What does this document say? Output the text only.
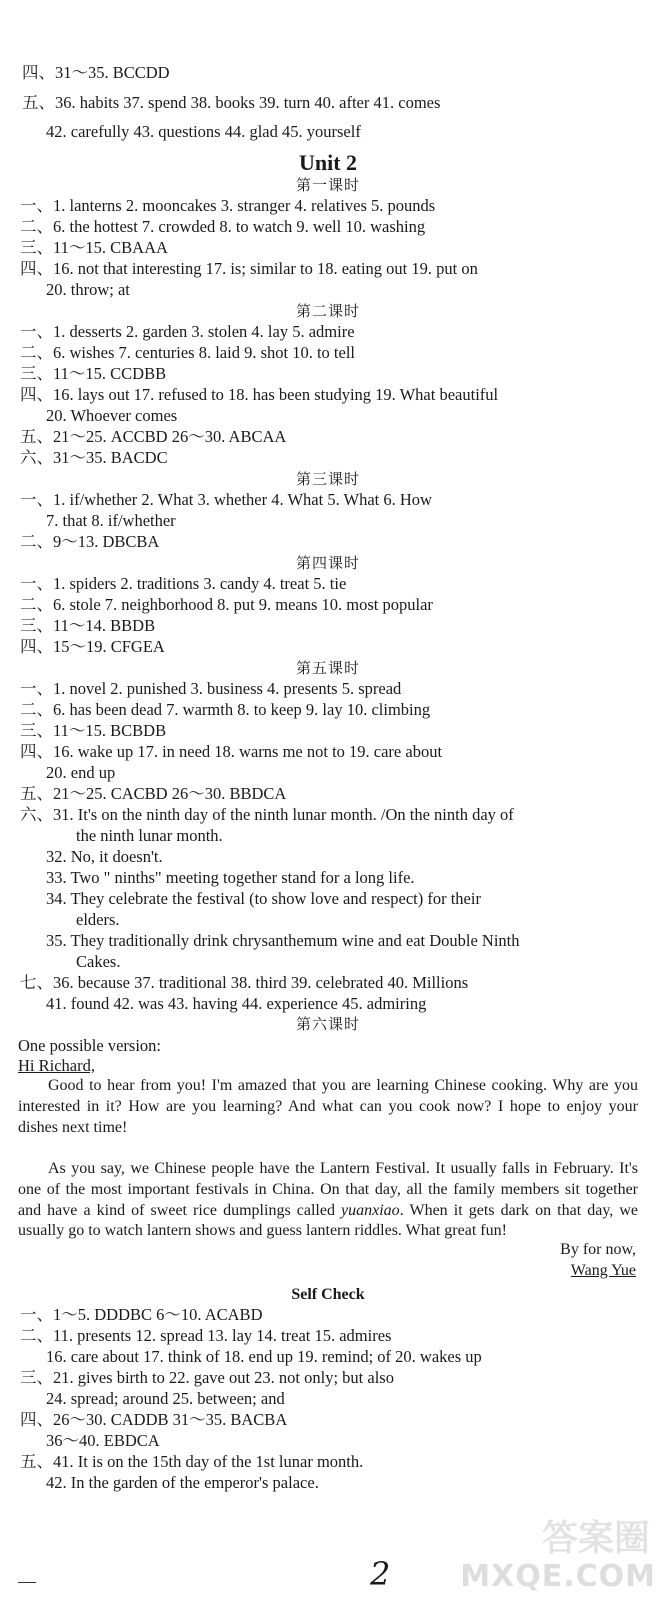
四、31～35. BCCDD
五、36. habits 37. spend 38. books 39. turn 40. after 41. comes
42. carefully 43. questions 44. glad 45. yourself
Unit 2
第一课时
一、1. lanterns 2. mooncakes 3. stranger 4. relatives 5. pounds
二、6. the hottest 7. crowded 8. to watch 9. well 10. washing
三、11～15. CBAAA
四、16. not that interesting 17. is; similar to 18. eating out 19. put on
20. throw; at
第二课时
一、1. desserts 2. garden 3. stolen 4. lay 5. admire
二、6. wishes 7. centuries 8. laid 9. shot 10. to tell
三、11～15. CCDBB
四、16. lays out 17. refused to 18. has been studying 19. What beautiful
20. Whoever comes
五、21～25. ACCBD 26～30. ABCAA
六、31～35. BACDC
第三课时
一、1. if/whether 2. What 3. whether 4. What 5. What 6. How
7. that 8. if/whether
二、9～13. DBCBA
第四课时
一、1. spiders 2. traditions 3. candy 4. treat 5. tie
二、6. stole 7. neighborhood 8. put 9. means 10. most popular
三、11～14. BBDB
四、15～19. CFGEA
第五课时
一、1. novel 2. punished 3. business 4. presents 5. spread
二、6. has been dead 7. warmth 8. to keep 9. lay 10. climbing
三、11～15. BCBDB
四、16. wake up 17. in need 18. warns me not to 19. care about
20. end up
五、21～25. CACBD 26～30. BBDCA
六、31. It's on the ninth day of the ninth lunar month. /On the ninth day of
the ninth lunar month.
32. No, it doesn't.
33. Two " ninths" meeting together stand for a long life.
34. They celebrate the festival (to show love and respect) for their
elders.
35. They traditionally drink chrysanthemum wine and eat Double Ninth
Cakes.
七、36. because 37. traditional 38. third 39. celebrated 40. Millions
41. found 42. was 43. having 44. experience 45. admiring
第六课时
One possible version:
Hi Richard,
Good to hear from you! I'm amazed that you are learning Chinese cooking. Why are you interested in it? How are you learning? And what can you cook now? I hope to enjoy your dishes next time!
As you say, we Chinese people have the Lantern Festival. It usually falls in February. It's one of the most important festivals in China. On that day, all the family members sit together and have a kind of sweet rice dumplings called yuanxiao. When it gets dark on that day, we usually go to watch lantern shows and guess lantern riddles. What great fun!
By for now,
Wang Yue
Self Check
一、1～5. DDDBC 6～10. ACABD
二、11. presents 12. spread 13. lay 14. treat 15. admires
16. care about 17. think of 18. end up 19. remind; of 20. wakes up
三、21. gives birth to 22. gave out 23. not only; but also
24. spread; around 25. between; and
四、26～30. CADDB 31～35. BACBA
36～40. EBDCA
五、41. It is on the 15th day of the 1st lunar month.
42. In the garden of the emperor's palace.
2
答案圈
MXQE.COM
